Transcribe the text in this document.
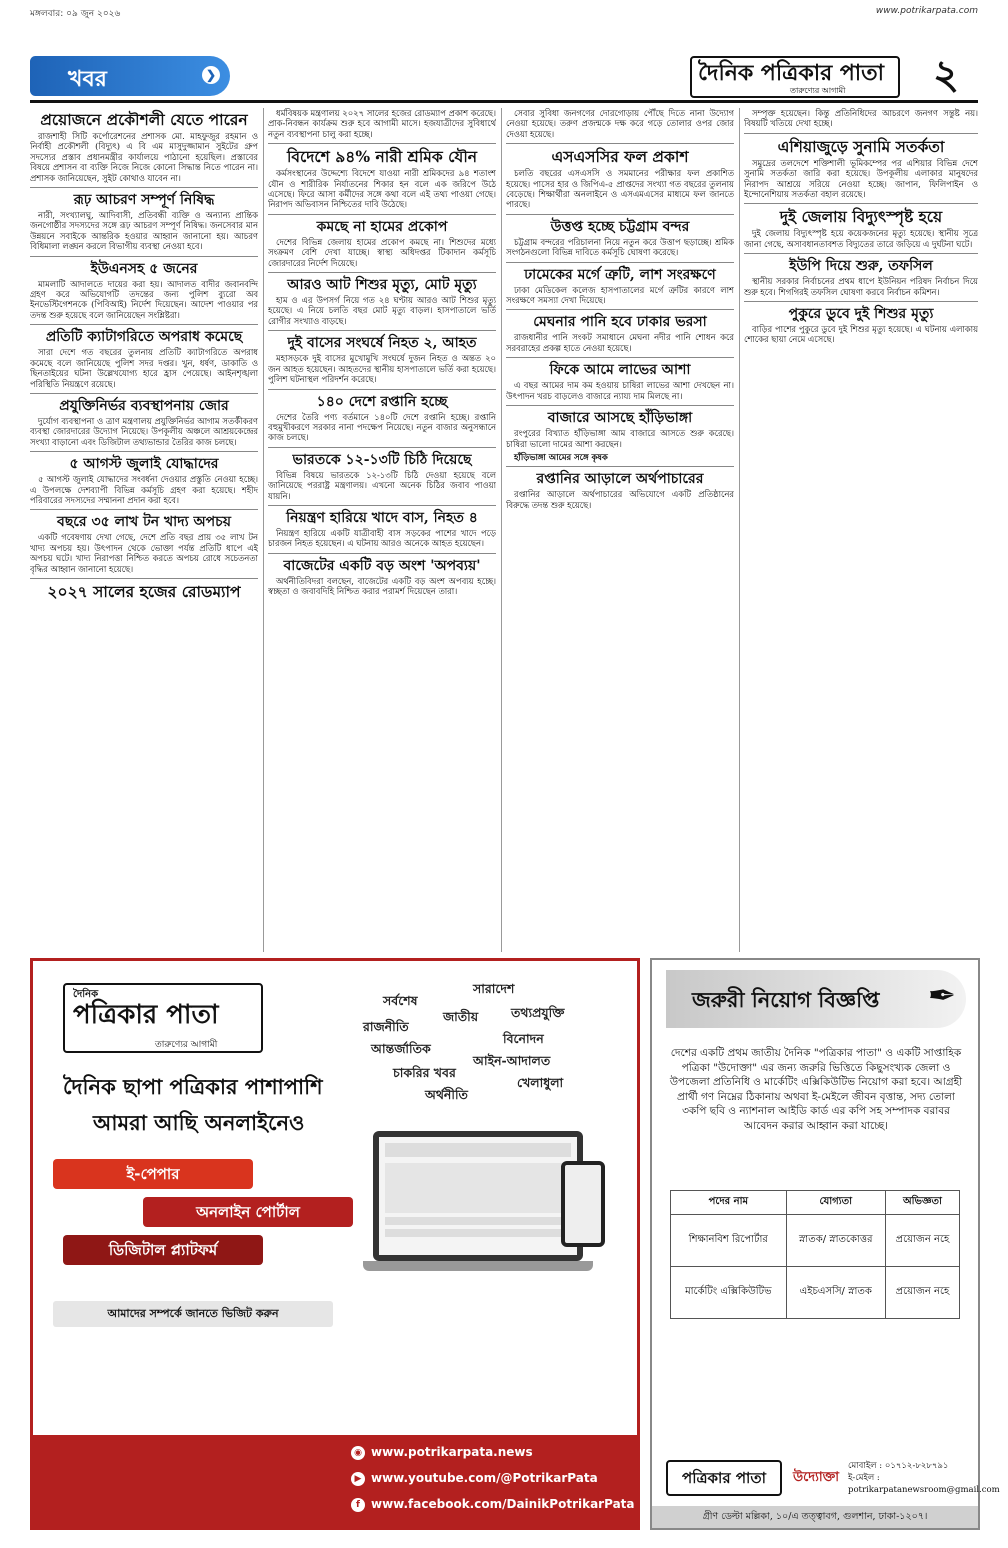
মঙ্গলবার: ০৯ জুন ২০২৬	www.potrikarpata.com
খবর	❯	দৈনিক পত্রিকার পাতা
তারুণ্যের আগামী	২
প্রয়োজনে প্রকৌশলী যেতে পারেন

রাজশাহী সিটি কর্পোরেশনের প্রশাসক মো. মাহফুজুর রহমান ও নির্বাহী প্রকৌশলী (বিদ্যুৎ) এ বি এম মাসুদুজ্জামান সুইটের গ্রুপ সদস্যের প্রস্তাব প্রধানমন্ত্রীর কার্যালয়ে পাঠানো হয়েছিল। প্রস্তাবের বিষয়ে প্রশাসন বা ব্যক্তি নিজে নিজে কোনো সিদ্ধান্ত নিতে পারেন না। প্রশাসক জানিয়েছেন, সুইট কোথাও যাবেন না।

রূঢ় আচরণ সম্পূর্ণ নিষিদ্ধ

নারী, সংখ্যালঘু, আদিবাসী, প্রতিবন্ধী ব্যক্তি ও অন্যান্য প্রান্তিক জনগোষ্ঠীর সদস্যদের সঙ্গে রূঢ় আচরণ সম্পূর্ণ নিষিদ্ধ। জনসেবার মান উন্নয়নে সবাইকে আন্তরিক হওয়ার আহ্বান জানানো হয়। আচরণ বিধিমালা লঙ্ঘন করলে বিভাগীয় ব্যবস্থা নেওয়া হবে।

ইউএনসহ ৫ জনের

মামলাটি আদালতে দায়ের করা হয়। আদালত বাদীর জবানবন্দি গ্রহণ করে অভিযোগটি তদন্তের জন্য পুলিশ ব্যুরো অব ইনভেস্টিগেশনকে (পিবিআই) নির্দেশ দিয়েছেন। আদেশ পাওয়ার পর তদন্ত শুরু হয়েছে বলে জানিয়েছেন সংশ্লিষ্টরা।

প্রতিটি ক্যাটাগরিতে অপরাধ কমেছে

সারা দেশে গত বছরের তুলনায় প্রতিটি ক্যাটাগরিতে অপরাধ কমেছে বলে জানিয়েছে পুলিশ সদর দপ্তর। খুন, ধর্ষণ, ডাকাতি ও ছিনতাইয়ের ঘটনা উল্লেখযোগ্য হারে হ্রাস পেয়েছে। আইনশৃঙ্খলা পরিস্থিতি নিয়ন্ত্রণে রয়েছে।

প্রযুক্তিনির্ভর ব্যবস্থাপনায় জোর

দুর্যোগ ব্যবস্থাপনা ও ত্রাণ মন্ত্রণালয় প্রযুক্তিনির্ভর আগাম সতর্কীকরণ ব্যবস্থা জোরদারের উদ্যোগ নিয়েছে। উপকূলীয় অঞ্চলে আশ্রয়কেন্দ্রের সংখ্যা বাড়ানো এবং ডিজিটাল তথ্যভান্ডার তৈরির কাজ চলছে।

৫ আগস্ট জুলাই যোদ্ধাদের

৫ আগস্ট জুলাই যোদ্ধাদের সংবর্ধনা দেওয়ার প্রস্তুতি নেওয়া হচ্ছে। এ উপলক্ষে দেশব্যাপী বিভিন্ন কর্মসূচি গ্রহণ করা হয়েছে। শহীদ পরিবারের সদস্যদের সম্মাননা প্রদান করা হবে।

বছরে ৩৫ লাখ টন খাদ্য অপচয়

একটি গবেষণায় দেখা গেছে, দেশে প্রতি বছর প্রায় ৩৫ লাখ টন খাদ্য অপচয় হয়। উৎপাদন থেকে ভোক্তা পর্যন্ত প্রতিটি ধাপে এই অপচয় ঘটে। খাদ্য নিরাপত্তা নিশ্চিত করতে অপচয় রোধে সচেতনতা বৃদ্ধির আহ্বান জানানো হয়েছে।

২০২৭ সালের হজের রোডম্যাপ

ধর্মবিষয়ক মন্ত্রণালয় ২০২৭ সালের হজের রোডম্যাপ প্রকাশ করেছে। প্রাক-নিবন্ধন কার্যক্রম শুরু হবে আগামী মাসে। হজযাত্রীদের সুবিধার্থে নতুন ব্যবস্থাপনা চালু করা হচ্ছে।

বিদেশে ৯৪% নারী শ্রমিক যৌন

কর্মসংস্থানের উদ্দেশ্যে বিদেশে যাওয়া নারী শ্রমিকদের ৯৪ শতাংশ যৌন ও শারীরিক নির্যাতনের শিকার হন বলে এক জরিপে উঠে এসেছে। ফিরে আসা কর্মীদের সঙ্গে কথা বলে এই তথ্য পাওয়া গেছে। নিরাপদ অভিবাসন নিশ্চিতের দাবি উঠেছে।

কমছে না হামের প্রকোপ

দেশের বিভিন্ন জেলায় হামের প্রকোপ কমছে না। শিশুদের মধ্যে সংক্রমণ বেশি দেখা যাচ্ছে। স্বাস্থ্য অধিদপ্তর টিকাদান কর্মসূচি জোরদারের নির্দেশ দিয়েছে।

আরও আট শিশুর মৃত্যু, মোট মৃত্যু

হাম ও এর উপসর্গ নিয়ে গত ২৪ ঘণ্টায় আরও আট শিশুর মৃত্যু হয়েছে। এ নিয়ে চলতি বছর মোট মৃত্যু বাড়ল। হাসপাতালে ভর্তি রোগীর সংখ্যাও বাড়ছে।

দুই বাসের সংঘর্ষে নিহত ২, আহত

মহাসড়কে দুই বাসের মুখোমুখি সংঘর্ষে দুজন নিহত ও অন্তত ২০ জন আহত হয়েছেন। আহতদের স্থানীয় হাসপাতালে ভর্তি করা হয়েছে। পুলিশ ঘটনাস্থল পরিদর্শন করেছে।

১৪০ দেশে রপ্তানি হচ্ছে

দেশের তৈরি পণ্য বর্তমানে ১৪০টি দেশে রপ্তানি হচ্ছে। রপ্তানি বহুমুখীকরণে সরকার নানা পদক্ষেপ নিয়েছে। নতুন বাজার অনুসন্ধানে কাজ চলছে।

ভারতকে ১২-১৩টি চিঠি দিয়েছে

বিভিন্ন বিষয়ে ভারতকে ১২-১৩টি চিঠি দেওয়া হয়েছে বলে জানিয়েছে পররাষ্ট্র মন্ত্রণালয়। এখনো অনেক চিঠির জবাব পাওয়া যায়নি।

নিয়ন্ত্রণ হারিয়ে খাদে বাস, নিহত ৪

নিয়ন্ত্রণ হারিয়ে একটি যাত্রীবাহী বাস সড়কের পাশের খাদে পড়ে চারজন নিহত হয়েছেন। এ ঘটনায় আরও অনেকে আহত হয়েছেন।

বাজেটের একটি বড় অংশ 'অপব্যয়'

অর্থনীতিবিদরা বলছেন, বাজেটের একটি বড় অংশ অপব্যয় হচ্ছে। স্বচ্ছতা ও জবাবদিহি নিশ্চিত করার পরামর্শ দিয়েছেন তারা।

সেবার সুবিধা জনগণের দোরগোড়ায় পৌঁছে দিতে নানা উদ্যোগ নেওয়া হয়েছে। তরুণ প্রজন্মকে দক্ষ করে গড়ে তোলার ওপর জোর দেওয়া হয়েছে।

এসএসসির ফল প্রকাশ

চলতি বছরের এসএসসি ও সমমানের পরীক্ষার ফল প্রকাশিত হয়েছে। পাসের হার ও জিপিএ-৫ প্রাপ্তদের সংখ্যা গত বছরের তুলনায় বেড়েছে। শিক্ষার্থীরা অনলাইনে ও এসএমএসের মাধ্যমে ফল জানতে পারছে।

উত্তপ্ত হচ্ছে চট্টগ্রাম বন্দর

চট্টগ্রাম বন্দরের পরিচালনা নিয়ে নতুন করে উত্তাপ ছড়াচ্ছে। শ্রমিক সংগঠনগুলো বিভিন্ন দাবিতে কর্মসূচি ঘোষণা করেছে।

ঢামেকের মর্গে ত্রুটি, লাশ সংরক্ষণে

ঢাকা মেডিকেল কলেজ হাসপাতালের মর্গে ত্রুটির কারণে লাশ সংরক্ষণে সমস্যা দেখা দিয়েছে।

মেঘনার পানি হবে ঢাকার ভরসা

রাজধানীর পানি সংকট সমাধানে মেঘনা নদীর পানি শোধন করে সরবরাহের প্রকল্প হাতে নেওয়া হয়েছে।

ফিকে আমে লাভের আশা

এ বছর আমের দাম কম হওয়ায় চাষিরা লাভের আশা দেখছেন না। উৎপাদন খরচ বাড়লেও বাজারে ন্যায্য দাম মিলছে না।

বাজারে আসছে হাঁড়িভাঙ্গা

রংপুরের বিখ্যাত হাঁড়িভাঙ্গা আম বাজারে আসতে শুরু করেছে। চাষিরা ভালো দামের আশা করছেন।

হাঁড়িভাঙ্গা আমের সঙ্গে কৃষক

রপ্তানির আড়ালে অর্থপাচারের

রপ্তানির আড়ালে অর্থপাচারের অভিযোগে একটি প্রতিষ্ঠানের বিরুদ্ধে তদন্ত শুরু হয়েছে।

সম্পৃক্ত হয়েছেন। কিন্তু প্রতিনিধিদের আচরণে জনগণ সন্তুষ্ট নয়। বিষয়টি খতিয়ে দেখা হচ্ছে।

এশিয়াজুড়ে সুনামি সতর্কতা

সমুদ্রের তলদেশে শক্তিশালী ভূমিকম্পের পর এশিয়ার বিভিন্ন দেশে সুনামি সতর্কতা জারি করা হয়েছে। উপকূলীয় এলাকার মানুষদের নিরাপদ আশ্রয়ে সরিয়ে নেওয়া হচ্ছে। জাপান, ফিলিপাইন ও ইন্দোনেশিয়ায় সতর্কতা বহাল রয়েছে।

দুই জেলায় বিদ্যুৎস্পৃষ্ট হয়ে

দুই জেলায় বিদ্যুৎস্পৃষ্ট হয়ে কয়েকজনের মৃত্যু হয়েছে। স্থানীয় সূত্রে জানা গেছে, অসাবধানতাবশত বিদ্যুতের তারে জড়িয়ে এ দুর্ঘটনা ঘটে।

ইউপি দিয়ে শুরু, তফসিল

স্থানীয় সরকার নির্বাচনের প্রথম ধাপে ইউনিয়ন পরিষদ নির্বাচন দিয়ে শুরু হবে। শিগগিরই তফসিল ঘোষণা করবে নির্বাচন কমিশন।

পুকুরে ডুবে দুই শিশুর মৃত্যু

বাড়ির পাশের পুকুরে ডুবে দুই শিশুর মৃত্যু হয়েছে। এ ঘটনায় এলাকায় শোকের ছায়া নেমে এসেছে।

দৈনিক
পত্রিকার পাতা
তারুণ্যের আগামী
সর্বশেষ
সারাদেশ
রাজনীতি
জাতীয়	তথ্যপ্রযুক্তি
আন্তর্জাতিক
বিনোদন
চাকরির খবর
আইন-আদালত
খেলাধুলা
অর্থনীতি
দৈনিক ছাপা পত্রিকার পাশাপাশি
আমরা আছি অনলাইনেও
ই-পেপার
অনলাইন পোর্টাল
ডিজিটাল প্ল্যাটফর্ম
আমাদের সম্পর্কে জানতে ভিজিট করুন
◉ www.potrikarpata.news
▶ www.youtube.com/@PotrikarPata
f www.facebook.com/DainikPotrikarPata
জরুরী নিয়োগ বিজ্ঞপ্তি ✒
দেশের একটি প্রথম জাতীয় দৈনিক "পত্রিকার পাতা" ও একটি সাপ্তাহিক পত্রিকা "উদোক্তা" এর জন্য জরুরি ভিত্তিতে কিছুসংখ্যক জেলা ও উপজেলা প্রতিনিধি ও মার্কেটিং এক্সিকিউটিভ নিয়োগ করা হবে। আগ্রহী প্রার্থী গণ নিম্নের ঠিকানায় অথবা ই-মেইলে জীবন বৃত্তান্ত, সদ্য তোলা ৩কপি ছবি ও ন্যাশনাল আইডি কার্ড এর কপি সহ সম্পাদক বরাবর আবেদন করার আহ্বান করা যাচ্ছে।
পদের নাম	যোগ্যতা	অভিজ্ঞতা
শিক্ষানবিশ রিপোর্টার	স্নাতক/ স্নাতকোত্তর	প্রয়োজন নহে
মার্কেটিং এক্সিকিউটিভ	এইচএসসি/ স্নাতক	প্রয়োজন নহে
পত্রিকার পাতা	উদ্যোক্তা
মোবাইল : ০১৭১২-৮২৮৭৯১
ই-মেইল : potrikarpatanewsroom@gmail.com
গ্রীণ ডেল্টা মল্লিকা, ১০/এ তত্ত্বাবগ, গুলশান, ঢাকা-১২০৭।
